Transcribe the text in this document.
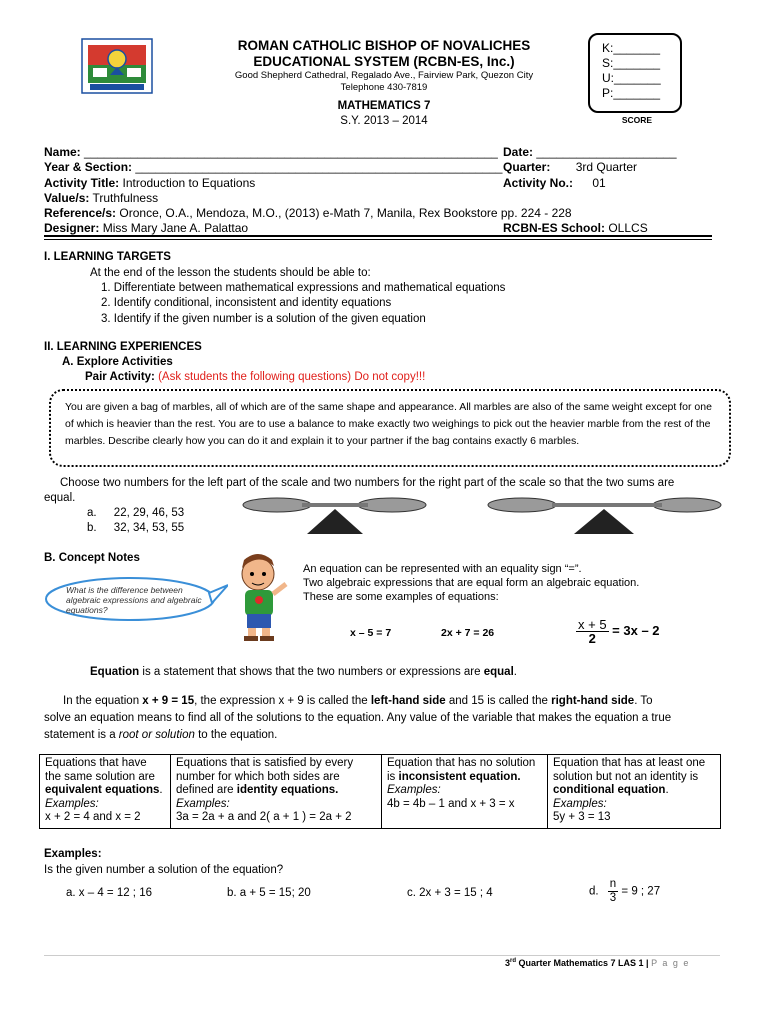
ROMAN CATHOLIC BISHOP OF NOVALICHES
EDUCATIONAL SYSTEM (RCBN-ES, Inc.)
Good Shepherd Cathedral, Regalado Ave., Fairview Park, Quezon City
Telephone 430-7819
MATHEMATICS 7
S.Y. 2013 – 2014
K:_______
S:_______
U:_______
P:_______
SCORE
Name: ______________________________________________________________ Date: _____________________
Year & Section: _______________________________________________________ Quarter: 3rd Quarter
Activity Title: Introduction to Equations	Activity No.: 01
Value/s: Truthfulness
Reference/s: Oronce, O.A., Mendoza, M.O., (2013) e-Math 7, Manila, Rex Bookstore pp. 224 - 228
Designer: Miss Mary Jane A. Palattao	RCBN-ES School: OLLCS
I. LEARNING TARGETS
At the end of the lesson the students should be able to:
1. Differentiate between mathematical expressions and mathematical equations
2. Identify conditional, inconsistent and identity equations
3. Identify if the given number is a solution of the given equation
II. LEARNING EXPERIENCES
A. Explore Activities
Pair Activity: (Ask students the following questions) Do not copy!!!
You are given a bag of marbles, all of which are of the same shape and appearance. All marbles are also of the same weight except for one of which is heavier than the rest. You are to use a balance to make exactly two weighings to pick out the heavier marble from the rest of the marbles. Describe clearly how you can do it and explain it to your partner if the bag contains exactly 6 marbles.
Choose two numbers for the left part of the scale and two numbers for the right part of the scale so that the two sums are
equal.
a. 22, 29, 46, 53
b. 32, 34, 53, 55
B. Concept Notes
What is the difference between algebraic expressions and algebraic equations?
An equation can be represented with an equality sign “=”.
Two algebraic expressions that are equal form an algebraic equation.
These are some examples of equations:
x – 5 = 7	2x + 7 = 26	$\frac{x + 5}{2} = 3x - 2$
Equation is a statement that shows that the two numbers or expressions are equal.
In the equation x + 9 = 15, the expression x + 9 is called the left-hand side and 15 is called the right-hand side. To
solve an equation means to find all of the solutions to the equation. Any value of the variable that makes the equation a true
statement is a root or solution to the equation.
Equations that have the same solution are equivalent equations.
Examples:
x + 2 = 4 and x = 2	Equations that is satisfied by every number for which both sides are defined are identity equations.
Examples:
3a = 2a + a and 2( a + 1 ) = 2a + 2	Equation that has no solution is inconsistent equation.
Examples:
4b = 4b – 1 and x + 3 = x	Equation that has at least one solution but not an identity is conditional equation.
Examples:
5y + 3 = 13
Examples:
Is the given number a solution of the equation?
a. x – 4 = 12 ; 16	b. a + 5 = 15; 20	c. 2x + 3 = 15 ; 4	d. $\frac{n}{3} = 9$ ; 27
3rd Quarter Mathematics 7 LAS 1 | P a g e
